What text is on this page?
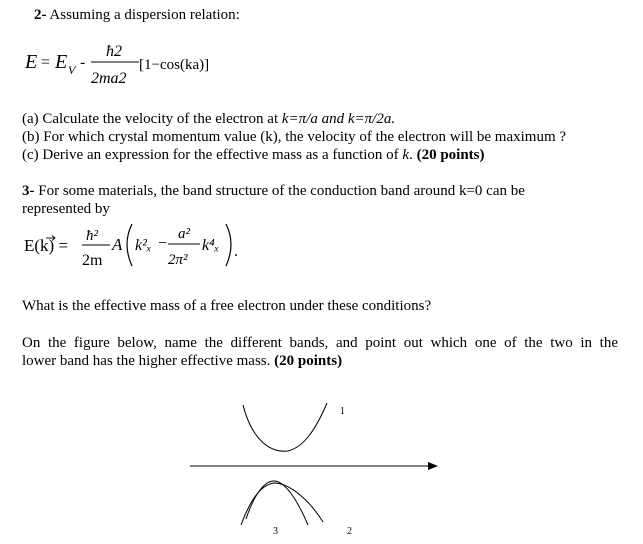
2- Assuming a dispersion relation:
E = E V -
ħ2
2ma2
[1−cos(ka)]
(a) Calculate the velocity of the electron at k=π/a and k=π/2a.
(b) For which crystal momentum value (k), the velocity of the electron will be maximum ?
(c) Derive an expression for the effective mass as a function of k. (20 points)
3- For some materials, the band structure of the conduction band around k=0 can be
represented by
E(k) = ħ²
2m
A k²ₓ −
a²
2π²
k⁴ₓ .
What is the effective mass of a free electron under these conditions?
On the figure below, name the different bands, and point out which one of the two in the
lower band has the higher effective mass. (20 points)
1
3	2
